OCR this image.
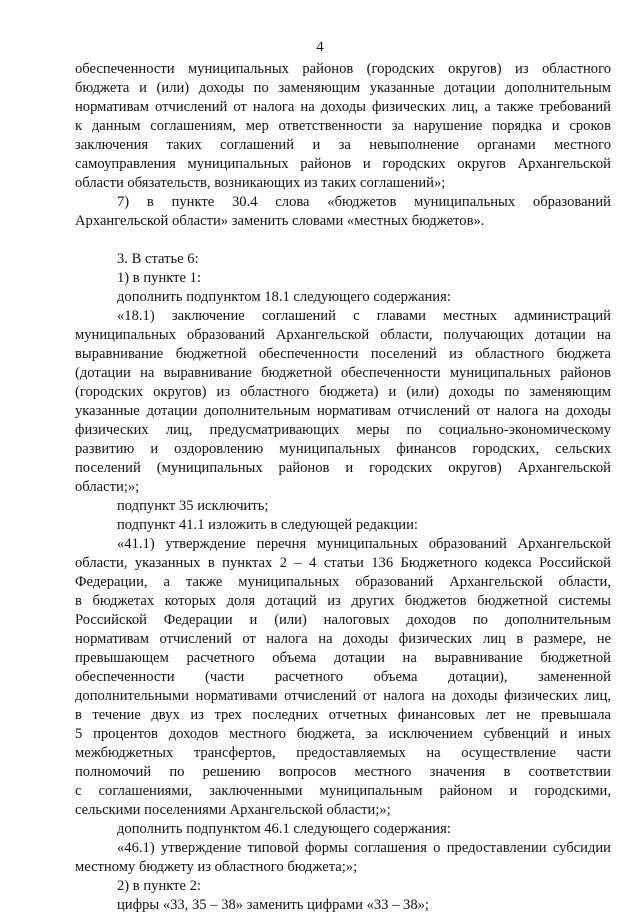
4
обеспеченности муниципальных районов (городских округов) из областного
бюджета и (или) доходы по заменяющим указанные дотации дополнительным
нормативам отчислений от налога на доходы физических лиц, а также требований
к данным соглашениям, мер ответственности за нарушение порядка и сроков
заключения таких соглашений и за невыполнение органами местного
самоуправления муниципальных районов и городских округов Архангельской
области обязательств, возникающих из таких соглашений»;
7) в пункте 30.4 слова «бюджетов муниципальных образований
Архангельской области» заменить словами «местных бюджетов».
3. В статье 6:
1) в пункте 1:
дополнить подпунктом 18.1 следующего содержания:
«18.1) заключение соглашений с главами местных администраций
муниципальных образований Архангельской области, получающих дотации на
выравнивание бюджетной обеспеченности поселений из областного бюджета
(дотации на выравнивание бюджетной обеспеченности муниципальных районов
(городских округов) из областного бюджета) и (или) доходы по заменяющим
указанные дотации дополнительным нормативам отчислений от налога на доходы
физических лиц, предусматривающих меры по социально-экономическому
развитию и оздоровлению муниципальных финансов городских, сельских
поселений (муниципальных районов и городских округов) Архангельской
области;»;
подпункт 35 исключить;
подпункт 41.1 изложить в следующей редакции:
«41.1) утверждение перечня муниципальных образований Архангельской
области, указанных в пунктах 2 – 4 статьи 136 Бюджетного кодекса Российской
Федерации, а также муниципальных образований Архангельской области,
в бюджетах которых доля дотаций из других бюджетов бюджетной системы
Российской Федерации и (или) налоговых доходов по дополнительным
нормативам отчислений от налога на доходы физических лиц в размере, не
превышающем расчетного объема дотации на выравнивание бюджетной
обеспеченности (части расчетного объема дотации), замененной
дополнительными нормативами отчислений от налога на доходы физических лиц,
в течение двух из трех последних отчетных финансовых лет не превышала
5 процентов доходов местного бюджета, за исключением субвенций и иных
межбюджетных трансфертов, предоставляемых на осуществление части
полномочий по решению вопросов местного значения в соответствии
с соглашениями, заключенными муниципальным районом и городскими,
сельскими поселениями Архангельской области;»;
дополнить подпунктом 46.1 следующего содержания:
«46.1) утверждение типовой формы соглашения о предоставлении субсидии
местному бюджету из областного бюджета;»;
2) в пункте 2:
цифры «33, 35 – 38» заменить цифрами «33 – 38»;
